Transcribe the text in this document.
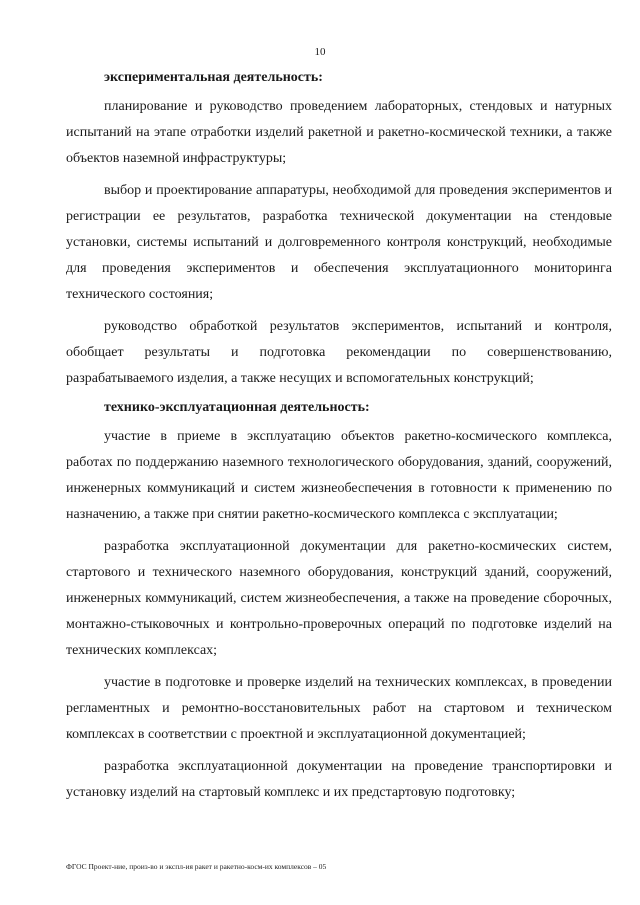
10
экспериментальная деятельность:

планирование и руководство проведением лабораторных, стендовых и натурных испытаний на этапе отработки изделий ракетной и ракетно-космической техники, а также объектов наземной инфраструктуры;

выбор и проектирование аппаратуры, необходимой для проведения экспериментов и регистрации ее результатов, разработка технической документации на стендовые установки, системы испытаний и долговременного контроля конструкций, необходимые для проведения экспериментов и обеспечения эксплуатационного мониторинга технического состояния;

руководство обработкой результатов экспериментов, испытаний и контроля, обобщает результаты и подготовка рекомендации по совершенствованию, разрабатываемого изделия, а также несущих и вспомогательных конструкций;

технико-эксплуатационная деятельность:

участие в приеме в эксплуатацию объектов ракетно-космического комплекса, работах по поддержанию наземного технологического оборудования, зданий, сооружений, инженерных коммуникаций и систем жизнеобеспечения в готовности к применению по назначению, а также при снятии ракетно-космического комплекса с эксплуатации;

разработка эксплуатационной документации для ракетно-космических систем, стартового и технического наземного оборудования, конструкций зданий, сооружений, инженерных коммуникаций, систем жизнеобеспечения, а также на проведение сборочных, монтажно-стыковочных и контрольно-проверочных операций по подготовке изделий на технических комплексах;

участие в подготовке и проверке изделий на технических комплексах, в проведении регламентных и ремонтно-восстановительных работ на стартовом и техническом комплексах в соответствии с проектной и эксплуатационной документацией;

разработка эксплуатационной документации на проведение транспортировки и установку изделий на стартовый комплекс и их предстартовую подготовку;

ФГОС Проект-ние, произ-во и экспл-ия ракет и ракетно-косм-их комплексов – 05
